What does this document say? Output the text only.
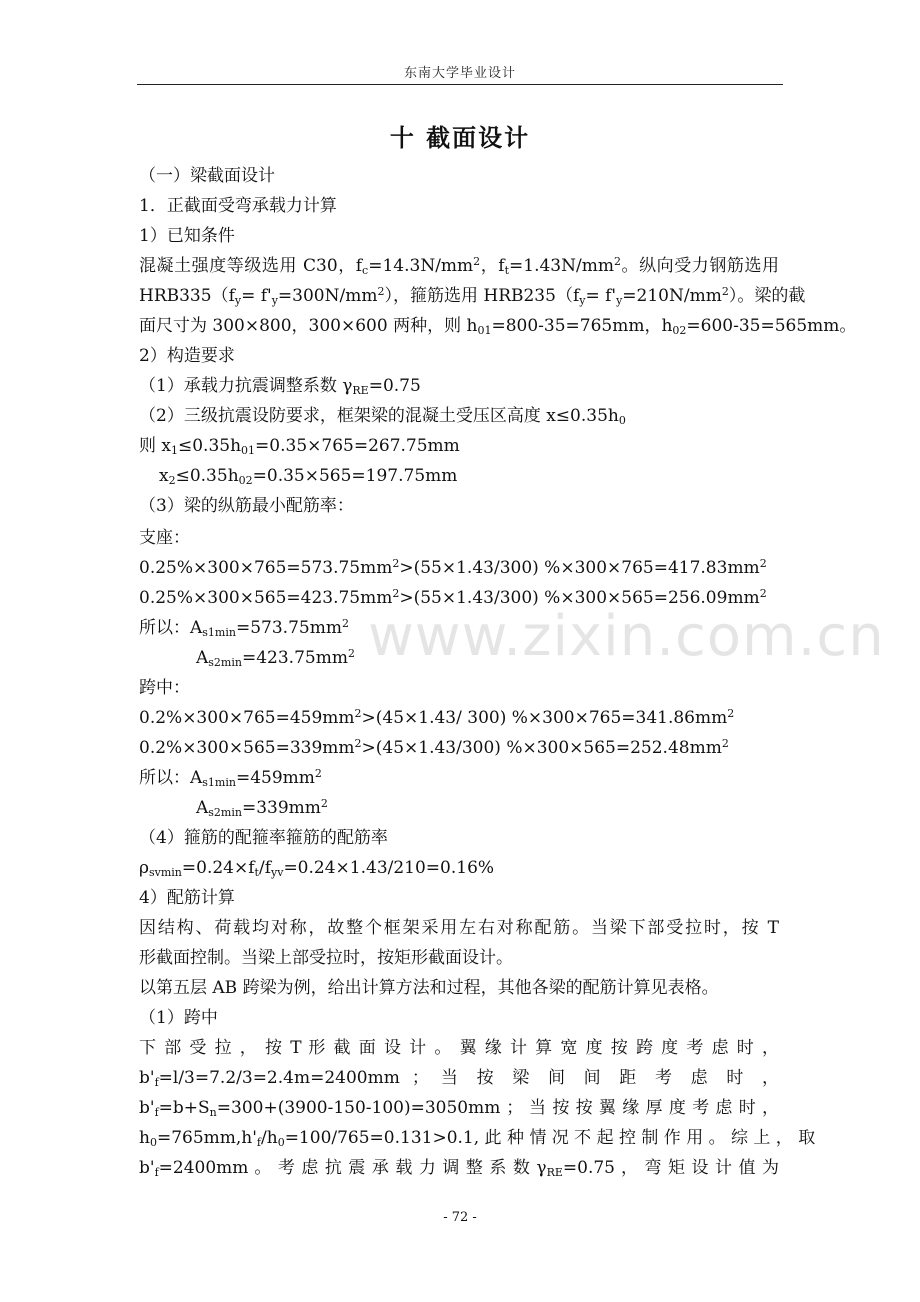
东南大学毕业设计
www.zixin.com.cn
十 截面设计
（一）梁截面设计
1．正截面受弯承载力计算
1）已知条件
混凝土强度等级选用 C30，$f_c=14.3N/mm^2$，$f_t=1.43N/mm^2$。纵向受力钢筋选用
$HRB335(f_y= f'_y=300N/mm^2)$，箍筋选用 $HRB235(f_y= f'_y=210N/mm^2)$。梁的截
面尺寸为 300×800，300×600 两种，则 $h_{01}=800-35=765mm$，$h_{02}=600-35=565mm$。
2）构造要求
（1）承载力抗震调整系数 $\gamma_{RE}=0.75$
（2）三级抗震设防要求，框架梁的混凝土受压区高度 $x\le 0.35h_0$
则 $x_1\le 0.35h_{01}=0.35\times 765=267.75mm$
$x_2\le 0.35h_{02}=0.35\times 565=197.75mm$
（3）梁的纵筋最小配筋率：
支座：
$0.25\%\times 300\times 765=573.75mm^2>(55\times 1.43/300)$ $\%\times 300\times 765=417.83mm^2$
$0.25\%\times 300\times 565=423.75mm^2>(55\times 1.43/300)$ $\%\times 300\times 565=256.09mm^2$
所以：$A_{s1min}=573.75mm^2$
$A_{s2min}=423.75mm^2$
跨中：
$0.2\%\times 300\times 765=459mm^2>(45\times 1.43/$ 300) $\%\times 300\times 765=341.86mm^2$
$0.2\%\times 300\times 565=339mm^2>(45\times 1.43/300)$ $\%\times 300\times 565=252.48mm^2$
所以：$A_{s1min}=459mm^2$
$A_{s2min}=339mm^2$
（4）箍筋的配箍率箍筋的配筋率
$\rho_{svmin}=0.24\times f_t/f_{yv}=0.24\times 1.43/210=0.16\%$
4）配筋计算
因结构、荷载均对称，故整个框架采用左右对称配筋。当梁下部受拉时，按 T
形截面控制。当梁上部受拉时，按矩形截面设计。
以第五层 AB 跨梁为例，给出计算方法和过程，其他各梁的配筋计算见表格。
（1）跨中
下 部 受 拉 ， 按 T 形 截 面 设 计 。 翼 缘 计 算 宽 度 按 跨 度 考 虑 时 ，
$b'_f=l/3=7.2/3=2.4m=2400mm$ ； 当 按 梁 间 间 距 考 虑 时 ，
$b'_f=b+S_n=300+(3900-150-100)=3050mm$ ； 当 按 按 翼 缘 厚 度 考 虑 时 ，
$h_0=765mm,h'_f/h_0=100/765=0.131>0.1$, 此 种 情 况 不 起 控 制 作 用 。 综 上 ， 取
$b'_f=2400mm$ 。 考 虑 抗 震 承 载 力 调 整 系 数 $\gamma_{RE}=0.75$ ， 弯 矩 设 计 值 为
- 72 -
